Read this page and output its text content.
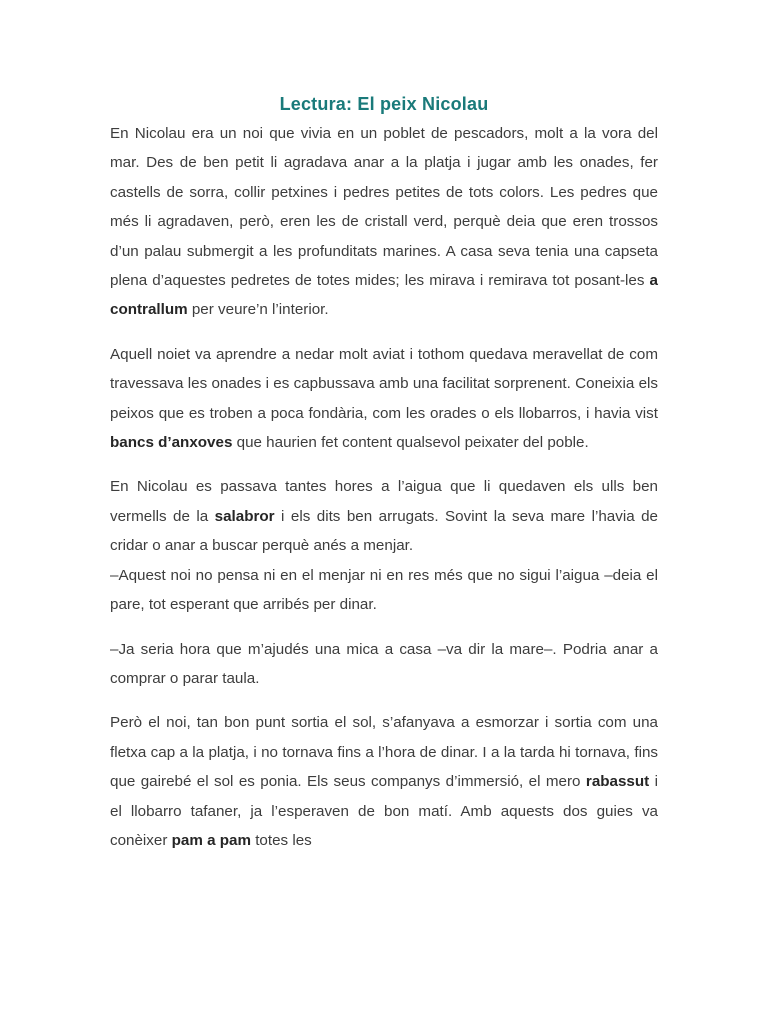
Lectura: El peix Nicolau

En Nicolau era un noi que vivia en un poblet de pescadors, molt a la vora del mar. Des de ben petit li agradava anar a la platja i jugar amb les onades, fer castells de sorra, collir petxines i pedres petites de tots colors. Les pedres que més li agradaven, però, eren les de cristall verd, perquè deia que eren trossos d’un palau submergit a les profunditats marines. A casa seva tenia una capseta plena d’aquestes pedretes de totes mides; les mirava i remirava tot posant-les a contrallum per veure’n l’interior.

Aquell noiet va aprendre a nedar molt aviat i tothom quedava meravellat de com travessava les onades i es capbussava amb una facilitat sorprenent. Coneixia els peixos que es troben a poca fondària, com les orades o els llobarros, i havia vist bancs d’anxoves que haurien fet content qualsevol peixater del poble.

En Nicolau es passava tantes hores a l’aigua que li quedaven els ulls ben vermells de la salabror i els dits ben arrugats. Sovint la seva mare l’havia de cridar o anar a buscar perquè anés a menjar.

–Aquest noi no pensa ni en el menjar ni en res més que no sigui l’aigua –deia el pare, tot esperant que arribés per dinar.

–Ja seria hora que m’ajudés una mica a casa –va dir la mare–. Podria anar a comprar o parar taula.

Però el noi, tan bon punt sortia el sol, s’afanyava a esmorzar i sortia com una fletxa cap a la platja, i no tornava fins a l’hora de dinar. I a la tarda hi tornava, fins que gairebé el sol es ponia. Els seus companys d’immersió, el mero rabassut i el llobarro tafaner, ja l’esperaven de bon matí. Amb aquests dos guies va conèixer pam a pam totes les
